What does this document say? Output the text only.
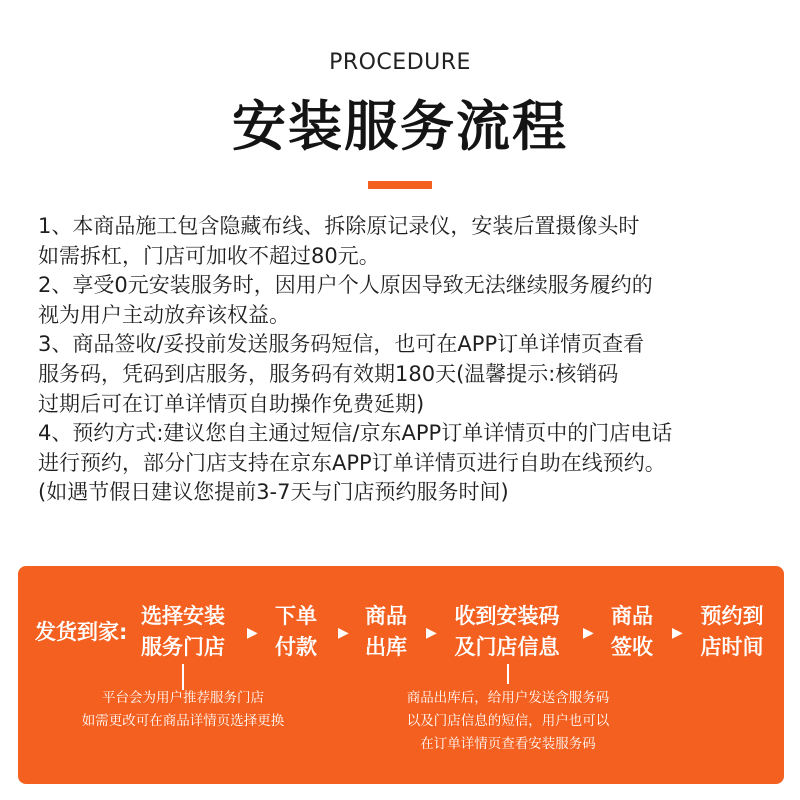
PROCEDURE
安装服务流程
1、本商品施工包含隐藏布线、拆除原记录仪，安装后置摄像头时
如需拆杠，门店可加收不超过80元。
2、享受0元安装服务时，因用户个人原因导致无法继续服务履约的
视为用户主动放弃该权益。
3、商品签收/妥投前发送服务码短信，也可在APP订单详情页查看
服务码，凭码到店服务，服务码有效期180天(温馨提示:核销码
过期后可在订单详情页自助操作免费延期)
4、预约方式:建议您自主通过短信/京东APP订单详情页中的门店电话
进行预约，部分门店支持在京东APP订单详情页进行自助在线预约。
(如遇节假日建议您提前3-7天与门店预约服务时间)
发货到家:
选择安装
服务门店
▶
下单
付款
▶
商品
出库
▶
收到安装码
及门店信息
▶
商品
签收
▶
预约到
店时间
平台会为用户推荐服务门店
如需更改可在商品详情页选择更换
商品出库后，给用户发送含服务码
以及门店信息的短信，用户也可以
在订单详情页查看安装服务码
